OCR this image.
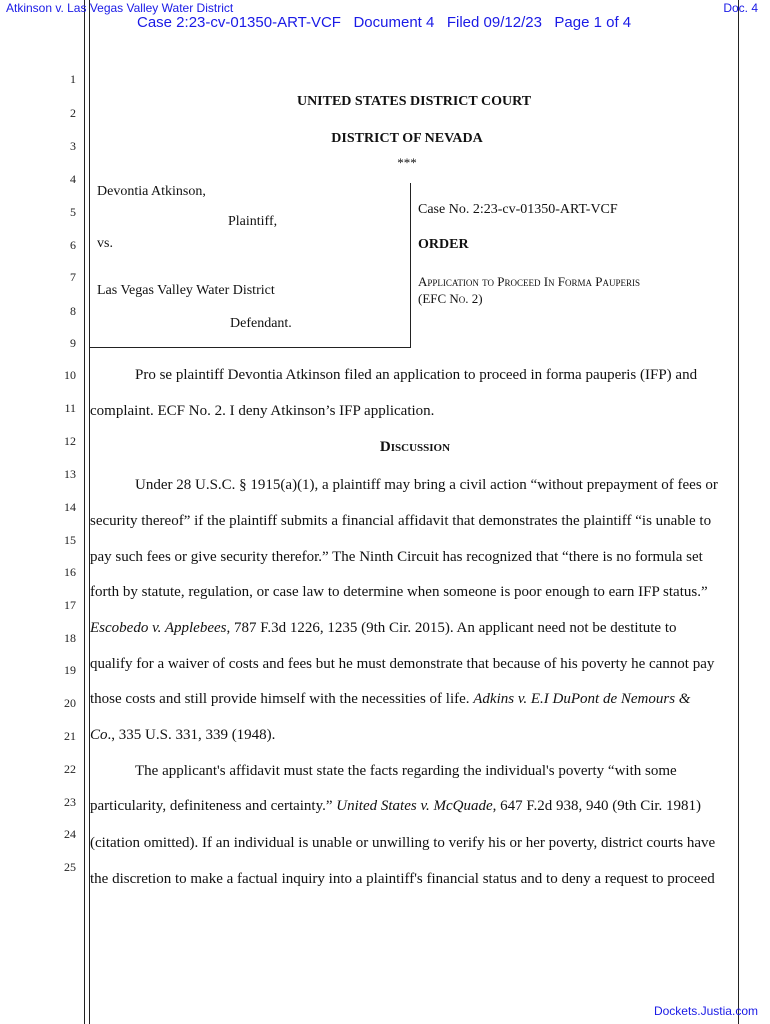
Atkinson v. Las Vegas Valley Water District	Doc. 4
Case 2:23-cv-01350-ART-VCF   Document 4   Filed 09/12/23   Page 1 of 4
1
2
3
4
5
6
7
8
9
10
11
12
13
14
15
16
17
18
19
20
21
22
23
24
25
UNITED STATES DISTRICT COURT
DISTRICT OF NEVADA
***
Devontia Atkinson,
Plaintiff,
vs.
Las Vegas Valley Water District
Defendant.
Case No. 2:23-cv-01350-ART-VCF
ORDER
Application to Proceed In Forma Pauperis
(EFC No. 2)
Pro se plaintiff Devontia Atkinson filed an application to proceed in forma pauperis (IFP) and
complaint. ECF No. 2. I deny Atkinson’s IFP application.
Discussion
Under 28 U.S.C. § 1915(a)(1), a plaintiff may bring a civil action “without prepayment of fees or
security thereof” if the plaintiff submits a financial affidavit that demonstrates the plaintiff “is unable to
pay such fees or give security therefor.” The Ninth Circuit has recognized that “there is no formula set
forth by statute, regulation, or case law to determine when someone is poor enough to earn IFP status.”
Escobedo v. Applebees, 787 F.3d 1226, 1235 (9th Cir. 2015). An applicant need not be destitute to
qualify for a waiver of costs and fees but he must demonstrate that because of his poverty he cannot pay
those costs and still provide himself with the necessities of life. Adkins v. E.I DuPont de Nemours &
Co., 335 U.S. 331, 339 (1948).
The applicant's affidavit must state the facts regarding the individual's poverty “with some
particularity, definiteness and certainty.” United States v. McQuade, 647 F.2d 938, 940 (9th Cir. 1981)
(citation omitted). If an individual is unable or unwilling to verify his or her poverty, district courts have
the discretion to make a factual inquiry into a plaintiff's financial status and to deny a request to proceed
Dockets.Justia.com
